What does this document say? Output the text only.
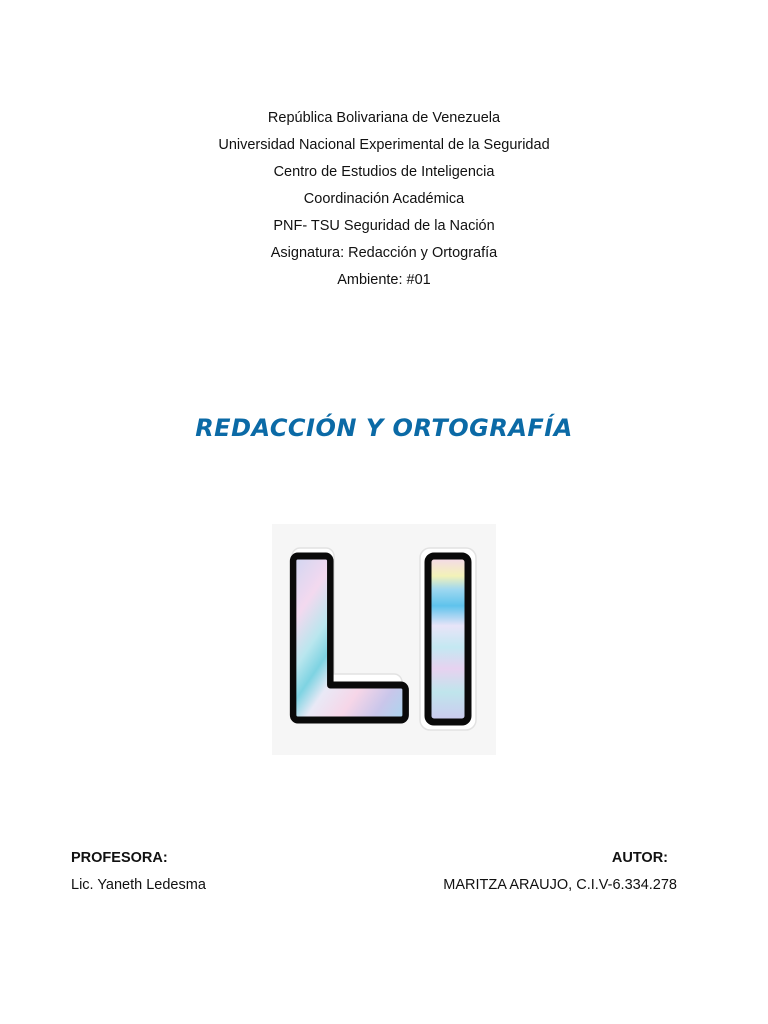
República Bolivariana de Venezuela

Universidad Nacional Experimental de la Seguridad

Centro de Estudios de Inteligencia

Coordinación Académica

PNF- TSU Seguridad de la Nación

Asignatura: Redacción y Ortografía

Ambiente: #01

REDACCIÓN Y ORTOGRAFÍA

PROFESORA:

Lic. Yaneth Ledesma

AUTOR:

MARITZA ARAUJO, C.I.V-6.334.278
